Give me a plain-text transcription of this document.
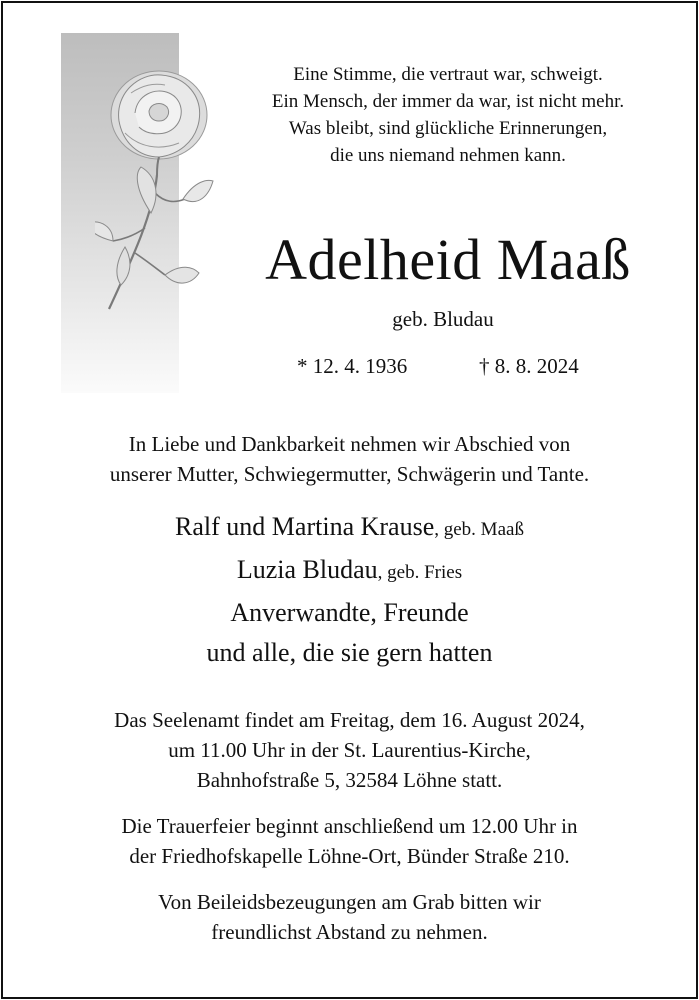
Eine Stimme, die vertraut war, schweigt.
Ein Mensch, der immer da war, ist nicht mehr.
Was bleibt, sind glückliche Erinnerungen,
die uns niemand nehmen kann.
Adelheid Maaß
geb. Bludau
* 12. 4. 1936	† 8. 8. 2024
In Liebe und Dankbarkeit nehmen wir Abschied von
unserer Mutter, Schwiegermutter, Schwägerin und Tante.
Ralf und Martina Krause, geb. Maaß
Luzia Bludau, geb. Fries
Anverwandte, Freunde
und alle, die sie gern hatten
Das Seelenamt findet am Freitag, dem 16. August 2024,
um 11.00 Uhr in der St. Laurentius-Kirche,
Bahnhofstraße 5, 32584 Löhne statt.
Die Trauerfeier beginnt anschließend um 12.00 Uhr in
der Friedhofskapelle Löhne-Ort, Bünder Straße 210.
Von Beileidsbezeugungen am Grab bitten wir
freundlichst Abstand zu nehmen.
